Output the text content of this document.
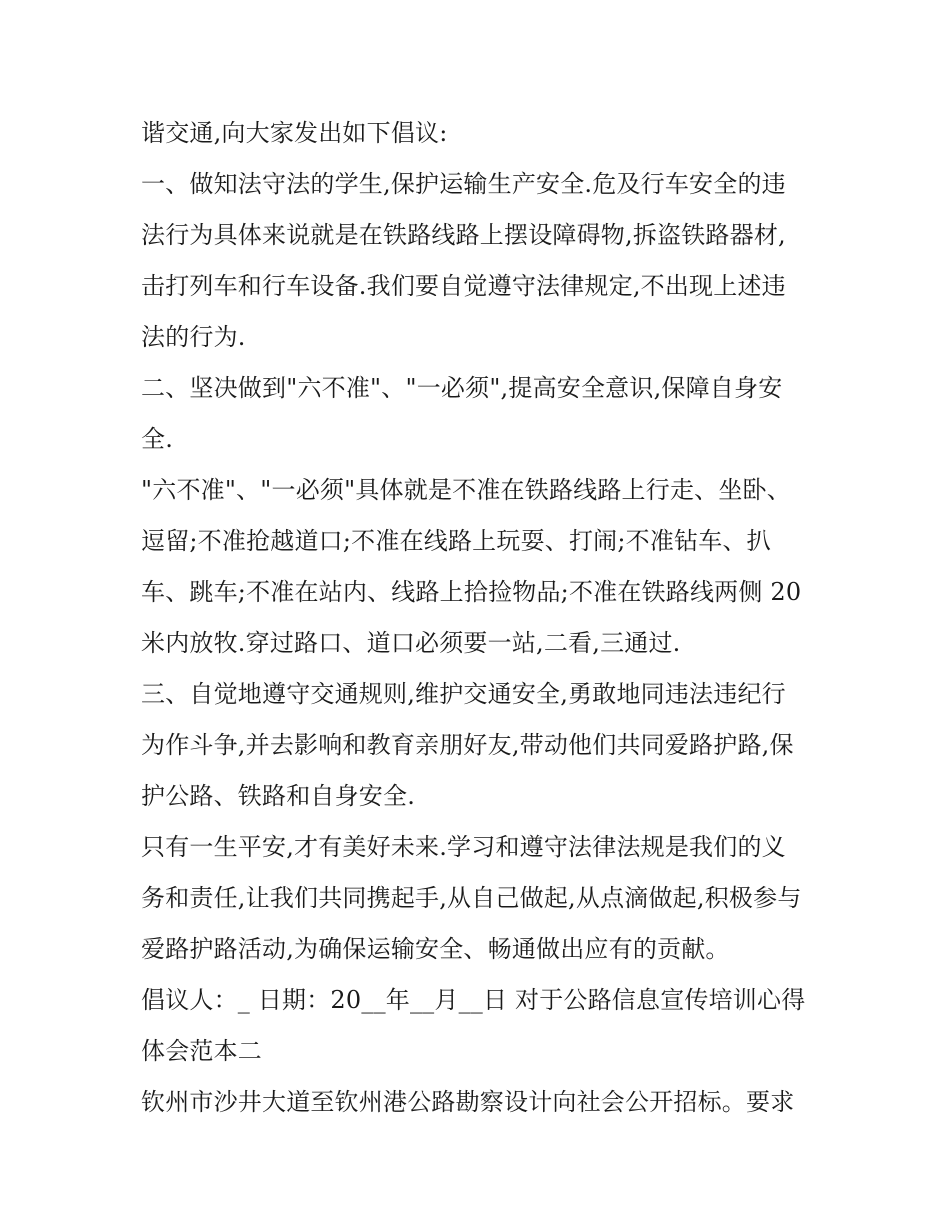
谐交通,向大家发出如下倡议:
一、做知法守法的学生,保护运输生产安全.危及行车安全的违
法行为具体来说就是在铁路线路上摆设障碍物,拆盗铁路器材,
击打列车和行车设备.我们要自觉遵守法律规定,不出现上述违
法的行为.
二、坚决做到"六不准"、"一必须",提高安全意识,保障自身安
全.
"六不准"、"一必须"具体就是不准在铁路线路上行走、坐卧、
逗留;不准抢越道口;不准在线路上玩耍、打闹;不准钻车、扒
车、跳车;不准在站内、线路上拾捡物品;不准在铁路线两侧 20
米内放牧.穿过路口、道口必须要一站,二看,三通过.
三、自觉地遵守交通规则,维护交通安全,勇敢地同违法违纪行
为作斗争,并去影响和教育亲朋好友,带动他们共同爱路护路,保
护公路、铁路和自身安全.
只有一生平安,才有美好未来.学习和遵守法律法规是我们的义
务和责任,让我们共同携起手,从自己做起,从点滴做起,积极参与
爱路护路活动,为确保运输安全、畅通做出应有的贡献。
倡议人：_ 日期：20__年__月__日 对于公路信息宣传培训心得
体会范本二
钦州市沙井大道至钦州港公路勘察设计向社会公开招标。要求
